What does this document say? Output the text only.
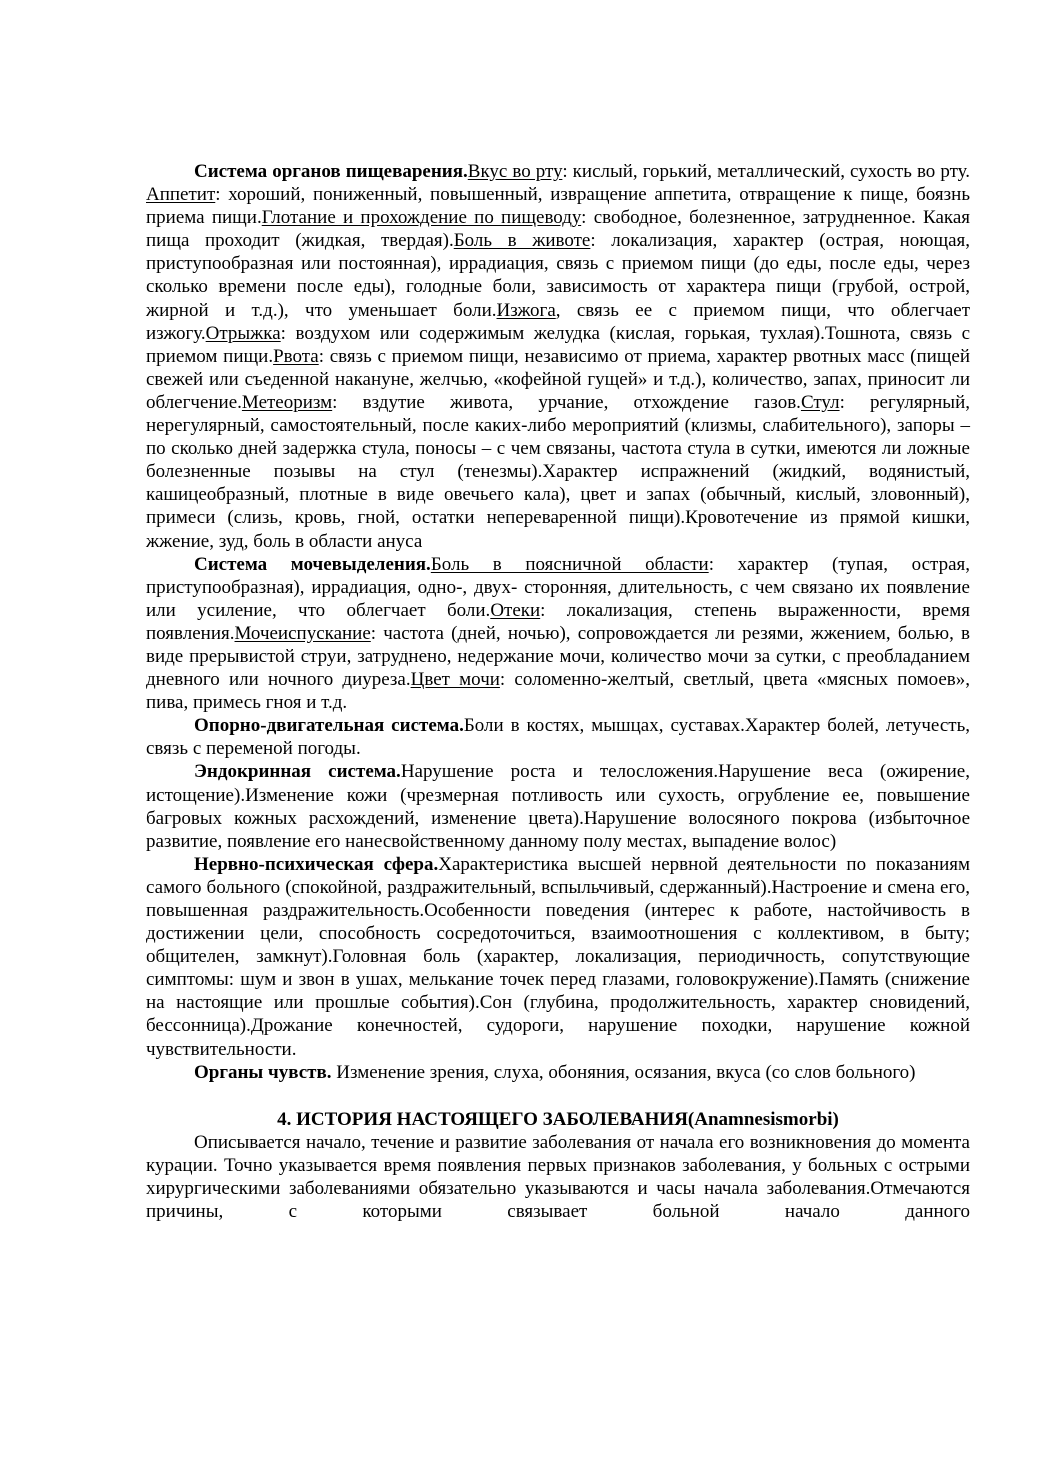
Система органов пищеварения.Вкус во рту: кислый, горький, металлический, сухость во рту. Аппетит: хороший, пониженный, повышенный, извращение аппетита, отвращение к пище, боязнь приема пищи.Глотание и прохождение по пищеводу: свободное, болезненное, затрудненное. Какая пища проходит (жидкая, твердая).Боль в животе: локализация, характер (острая, ноющая, приступообразная или постоянная), иррадиация, связь с приемом пищи (до еды, после еды, через сколько времени после еды), голодные боли, зависимость от характера пищи (грубой, острой, жирной и т.д.), что уменьшает боли.Изжога, связь ее с приемом пищи, что облегчает изжогу.Отрыжка: воздухом или содержимым желудка (кислая, горькая, тухлая).Тошнота, связь с приемом пищи.Рвота: связь с приемом пищи, независимо от приема, характер рвотных масс (пищей свежей или съеденной накануне, желчью, «кофейной гущей» и т.д.), количество, запах, приносит ли облегчение.Метеоризм: вздутие живота, урчание, отхождение газов.Стул: регулярный, нерегулярный, самостоятельный, после каких-либо мероприятий (клизмы, слабительного), запоры – по сколько дней задержка стула, поносы – с чем связаны, частота стула в сутки, имеются ли ложные болезненные позывы на стул (тенезмы).Характер испражнений (жидкий, водянистый, кашицеобразный, плотные в виде овечьего кала), цвет и запах (обычный, кислый, зловонный), примеси (слизь, кровь, гной, остатки непереваренной пищи).Кровотечение из прямой кишки, жжение, зуд, боль в области ануса

Система мочевыделения.Боль в поясничной области: характер (тупая, острая, приступообразная), иррадиация, одно-, двух- сторонняя, длительность, с чем связано их появление или усиление, что облегчает боли.Отеки: локализация, степень выраженности, время появления.Мочеиспускание: частота (дней, ночью), сопровождается ли резями, жжением, болью, в виде прерывистой струи, затруднено, недержание мочи, количество мочи за сутки, с преобладанием дневного или ночного диуреза.Цвет мочи: соломенно-желтый, светлый, цвета «мясных помоев», пива, примесь гноя и т.д.

Опорно-двигательная система.Боли в костях, мышцах, суставах.Характер болей, летучесть, связь с переменой погоды.

Эндокринная система.Нарушение роста и телосложения.Нарушение веса (ожирение, истощение).Изменение кожи (чрезмерная потливость или сухость, огрубление ее, повышение багровых кожных расхождений, изменение цвета).Нарушение волосяного покрова (избыточное развитие, появление его нанесвойственному данному полу местах, выпадение волос)

Нервно-психическая сфера.Характеристика высшей нервной деятельности по показаниям самого больного (спокойной, раздражительный, вспыльчивый, сдержанный).Настроение и смена его, повышенная раздражительность.Особенности поведения (интерес к работе, настойчивость в достижении цели, способность сосредоточиться, взаимоотношения с коллективом, в быту; общителен, замкнут).Головная боль (характер, локализация, периодичность, сопутствующие симптомы: шум и звон в ушах, мелькание точек перед глазами, головокружение).Память (снижение на настоящие или прошлые события).Сон (глубина, продолжительность, характер сновидений, бессонница).Дрожание конечностей, судороги, нарушение походки, нарушение кожной чувствительности.

Органы чувств. Изменение зрения, слуха, обоняния, осязания, вкуса (со слов больного)

4. ИСТОРИЯ НАСТОЯЩЕГО ЗАБОЛЕВАНИЯ(Anamnesismorbi)

Описывается начало, течение и развитие заболевания от начала его возникновения до момента курации. Точно указывается время появления первых признаков заболевания, у больных с острыми хирургическими заболеваниями обязательно указываются и часы начала заболевания.Отмечаются причины, с которыми связывает больной начало данного
